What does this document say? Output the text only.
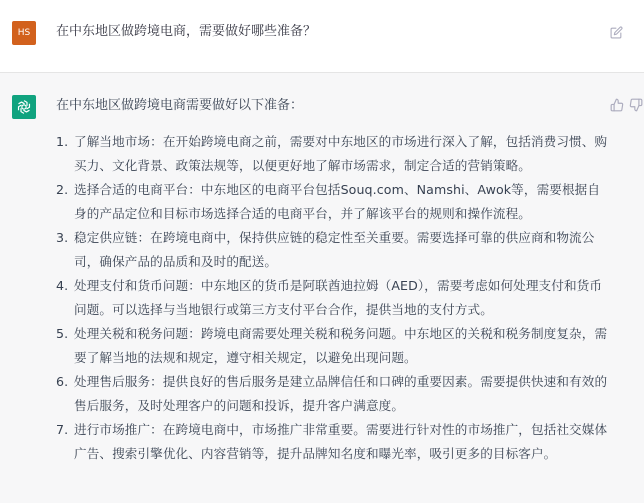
HS	在中东地区做跨境电商，需要做好哪些准备？
在中东地区做跨境电商需要做好以下准备：
1. 了解当地市场：在开始跨境电商之前，需要对中东地区的市场进行深入了解，包括消费习惯、购买力、文化背景、政策法规等，以便更好地了解市场需求，制定合适的营销策略。
2. 选择合适的电商平台：中东地区的电商平台包括Souq.com、Namshi、Awok等，需要根据自身的产品定位和目标市场选择合适的电商平台，并了解该平台的规则和操作流程。
3. 稳定供应链：在跨境电商中，保持供应链的稳定性至关重要。需要选择可靠的供应商和物流公司，确保产品的品质和及时的配送。
4. 处理支付和货币问题：中东地区的货币是阿联酋迪拉姆（AED），需要考虑如何处理支付和货币问题。可以选择与当地银行或第三方支付平台合作，提供当地的支付方式。
5. 处理关税和税务问题：跨境电商需要处理关税和税务问题。中东地区的关税和税务制度复杂，需要了解当地的法规和规定，遵守相关规定，以避免出现问题。
6. 处理售后服务：提供良好的售后服务是建立品牌信任和口碑的重要因素。需要提供快速和有效的售后服务，及时处理客户的问题和投诉，提升客户满意度。
7. 进行市场推广：在跨境电商中，市场推广非常重要。需要进行针对性的市场推广，包括社交媒体广告、搜索引擎优化、内容营销等，提升品牌知名度和曝光率，吸引更多的目标客户。
